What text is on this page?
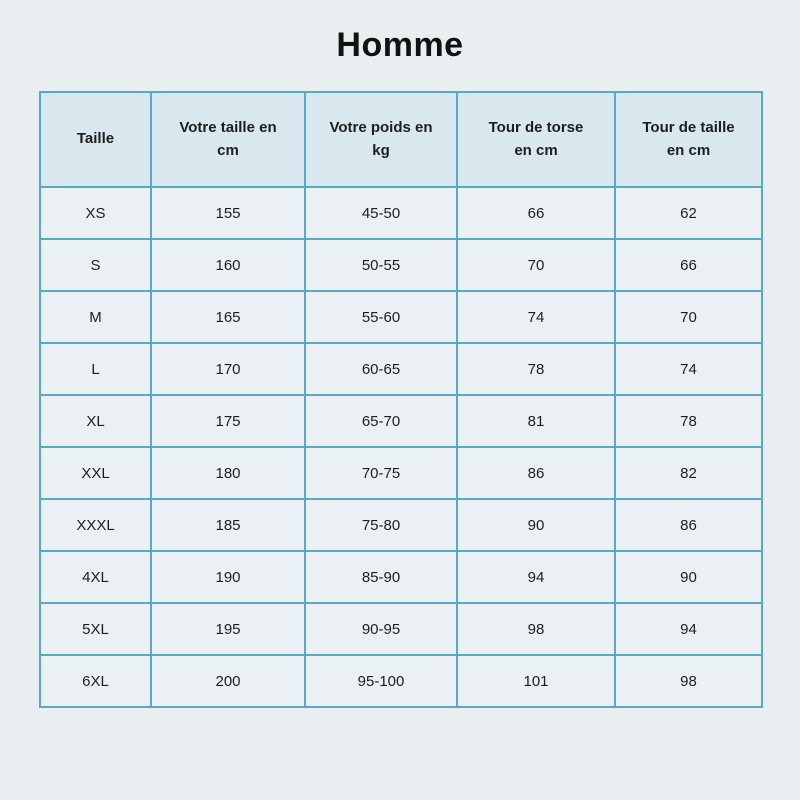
Homme
Taille	Votre taille en cm	Votre poids en kg	Tour de torse en cm	Tour de taille en cm
XS	155	45-50	66	62
S	160	50-55	70	66
M	165	55-60	74	70
L	170	60-65	78	74
XL	175	65-70	81	78
XXL	180	70-75	86	82
XXXL	185	75-80	90	86
4XL	190	85-90	94	90
5XL	195	90-95	98	94
6XL	200	95-100	101	98
